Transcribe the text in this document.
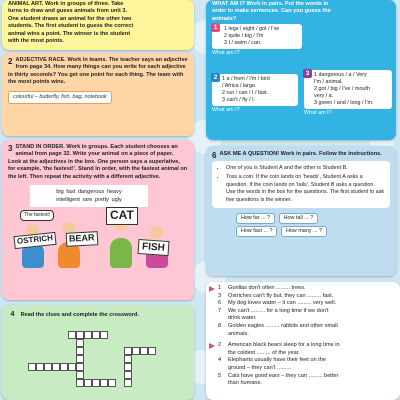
ANIMAL ART. Work in groups of three. Take
turns to draw and guess animals from unit 3.
One student draws an animal for the other two
students. The first student to guess the correct
animal wins a point. The winner is the student
with the most points.
2 ADJECTIVE RACE. Work in teams. The teacher says an adjective from page 34. How many things can you write for each adjective in thirty seconds? You get one point for each thing. The team with the most points wins.
colourful – butterfly, fish, bag, notebook
3 STAND IN ORDER. Work in groups. Each student chooses an animal from page 32. Write your animal on a piece of paper. Look at the adjectives in the box. One person says a superlative, for example, 'the fastest!'. Stand in order, with the fastest animal on the left. Then repeat the activity with a different adjective.
big fast dangerous heavy
intelligent rare pretty ugly
The fastest!
OSTRICH	BEAR
CAT
FISH
4 Read the clues and complete the crossword.
WHAT AM I? Work in pairs. Put the words in
order to make sentences. Can you guess the
animals?
1	1 legs / eight / got / I've
2 quite / big / I'm
3 I / swim / can.
What am I?
2 1 a / from / I'm / bird
/ Africa / large.
2 run / can / I / fast.
3 can't / fly / I.
What am I?
3 1 dangerous / a / Very
I'm / animal.
2 got / big / I've / mouth
very / a.
3 green / and / long / I'm.
What am I?
6 ASK ME A QUESTION! Work in pairs. Follow the instructions.
• One of you is Student A and the other is Student B.
• Toss a coin. If the coin lands on 'heads', Student A asks a question. If the coin lands on 'tails', Student B asks a question. Use the words in the box for the questions. The first student to ask five questions is the winner.
How far ... ?	How tall ... ?
How fast ... ?	How many ... ?
1 Gorillas don't often ......... trees.
3 Ostriches can't fly but, they can ......... fast.
6 My dog loves water – it can ......... very well.
7 We can't ......... for a long time if we don't
drink water.
8 Golden eagles ......... rabbits and other small
animals.
2 American black bears sleep for a long time in
the coldest ......... of the year.
4 Elephants usually have their feet on the
ground – they can't .........
5 Cats have good ears – they can ......... better
than humans.
